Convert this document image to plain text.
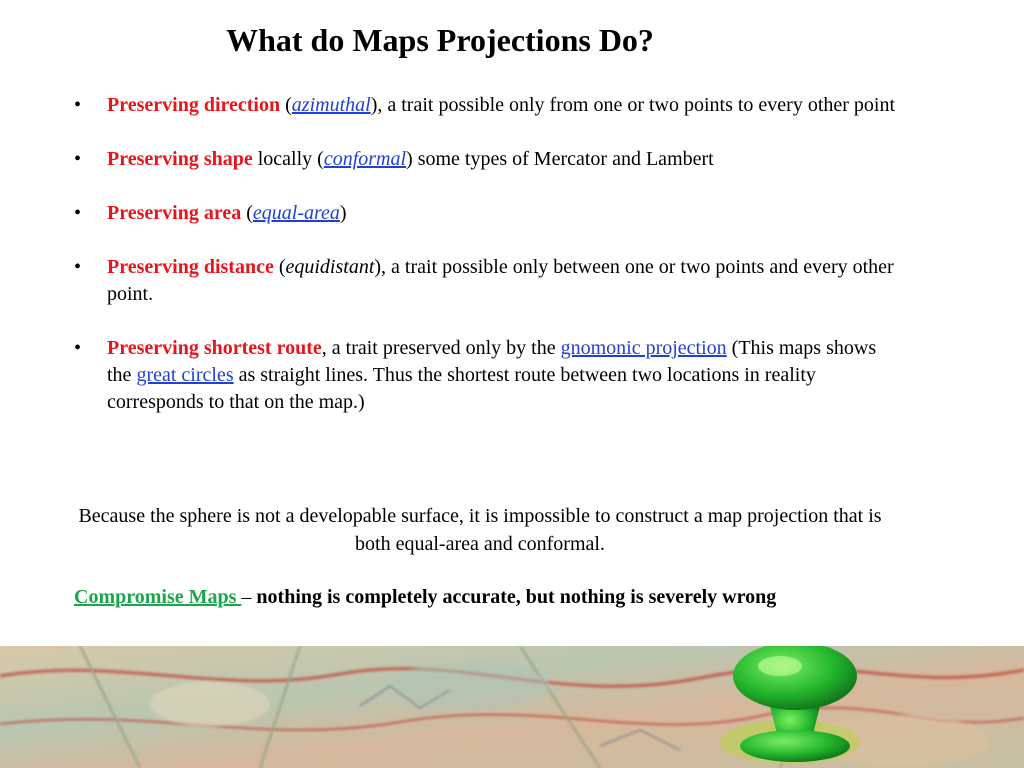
What do Maps Projections Do?
• Preserving direction (azimuthal), a trait possible only from one or two points to every other point
• Preserving shape locally (conformal) some types of Mercator and Lambert
• Preserving area (equal-area)
• Preserving distance (equidistant), a trait possible only between one or two points and every other point.
• Preserving shortest route, a trait preserved only by the gnomonic projection (This maps shows the great circles as straight lines. Thus the shortest route between two locations in reality corresponds to that on the map.)
Because the sphere is not a developable surface, it is impossible to construct a map projection that is both equal-area and conformal.
Compromise Maps – nothing is completely accurate, but nothing is severely wrong
